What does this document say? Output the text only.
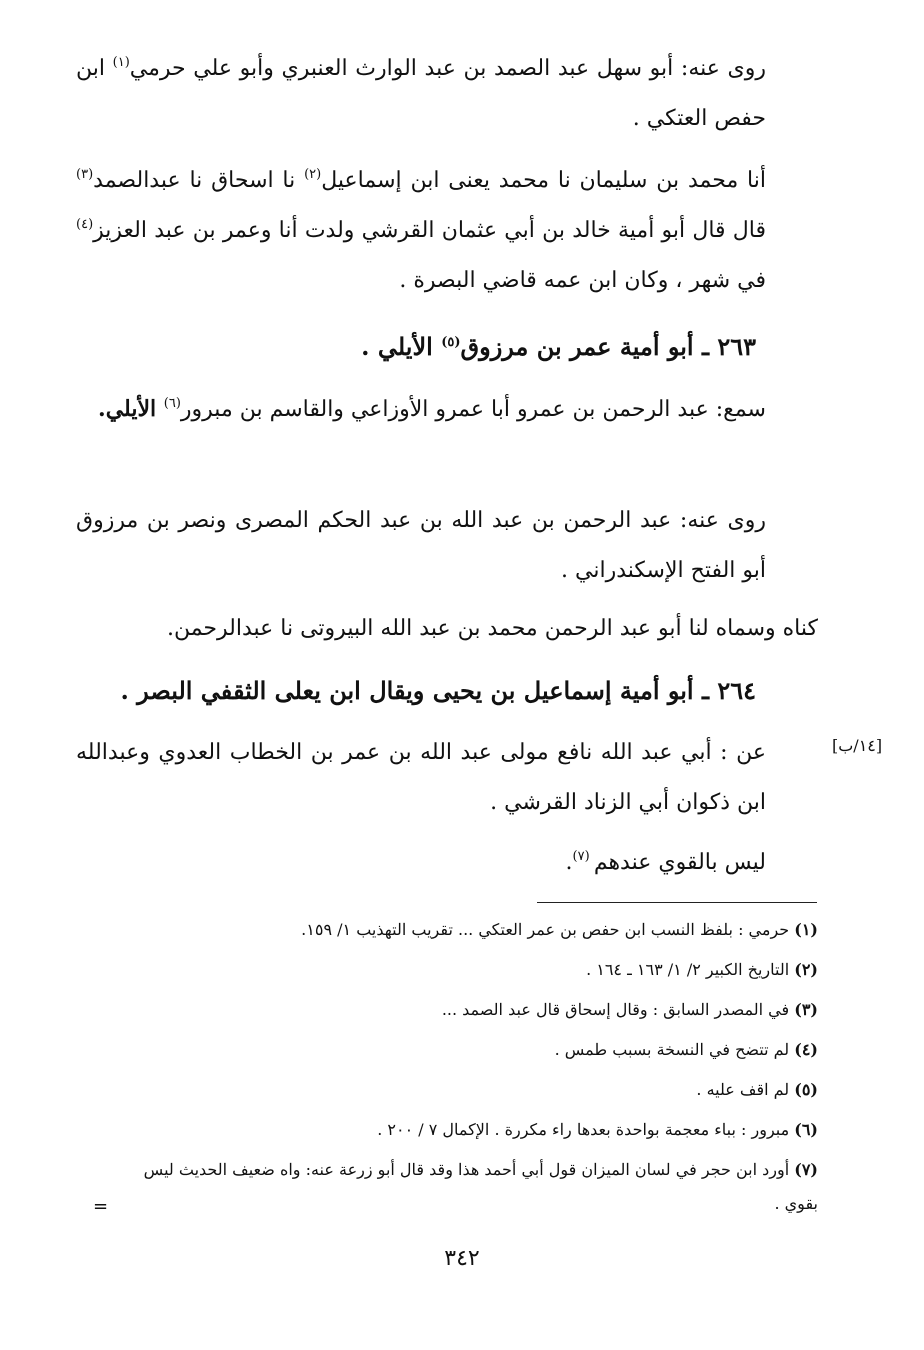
روى عنه: أبو سهل عبد الصمد بن عبد الوارث العنبري وأبو علي حرمي$^{(١)}$ ابن حفص العتكي .

أنا محمد بن سليمان نا محمد يعنى ابن إسماعيل$^{(٢)}$ نا اسحاق نا عبدالصمد$^{(٣)}$ قال قال أبو أمية خالد بن أبي عثمان القرشي ولدت أنا وعمر بن عبد العزيز$^{(٤)}$ في شهر ، وكان ابن عمه قاضي البصرة .

٢٦٣ ـ أبو أمية عمر بن مرزوق$^{(٥)}$ الأيلي .

سمع: عبد الرحمن بن عمرو أبا عمرو الأوزاعي والقاسم بن مبرور$^{(٦)}$ الأيلي.

روى عنه: عبد الرحمن بن عبد الله بن عبد الحكم المصرى ونصر بن مرزوق أبو الفتح الإسكندراني .

كناه وسماه لنا أبو عبد الرحمن محمد بن عبد الله البيروتى نا عبدالرحمن.

٢٦٤ ـ أبو أمية إسماعيل بن يحيى ويقال ابن يعلى الثقفي البصر .
[١٤/ب]

عن : أبي عبد الله نافع مولى عبد الله بن عمر بن الخطاب العدوي وعبدالله ابن ذكوان أبي الزناد القرشي .

ليس بالقوي عندهم $^{(٧)}$.

(١) حرمي : بلفظ النسب ابن حفص بن عمر العتكي ... تقريب التهذيب ١/ ١٥٩.

(٢) التاريخ الكبير ٢/ ١/ ١٦٣ ـ ١٦٤ .

(٣) في المصدر السابق : وقال إسحاق قال عبد الصمد ...

(٤) لم تتضح في النسخة بسبب طمس .

(٥) لم اقف عليه .

(٦) مبرور : بباء معجمة بواحدة بعدها راء مكررة . الإكمال ٧ / ٢٠٠ .

(٧) أورد ابن حجر في لسان الميزان قول أبي أحمد هذا وقد قال أبو زرعة عنه: واه ضعيف الحديث ليس بقوي .

=
٣٤٢
